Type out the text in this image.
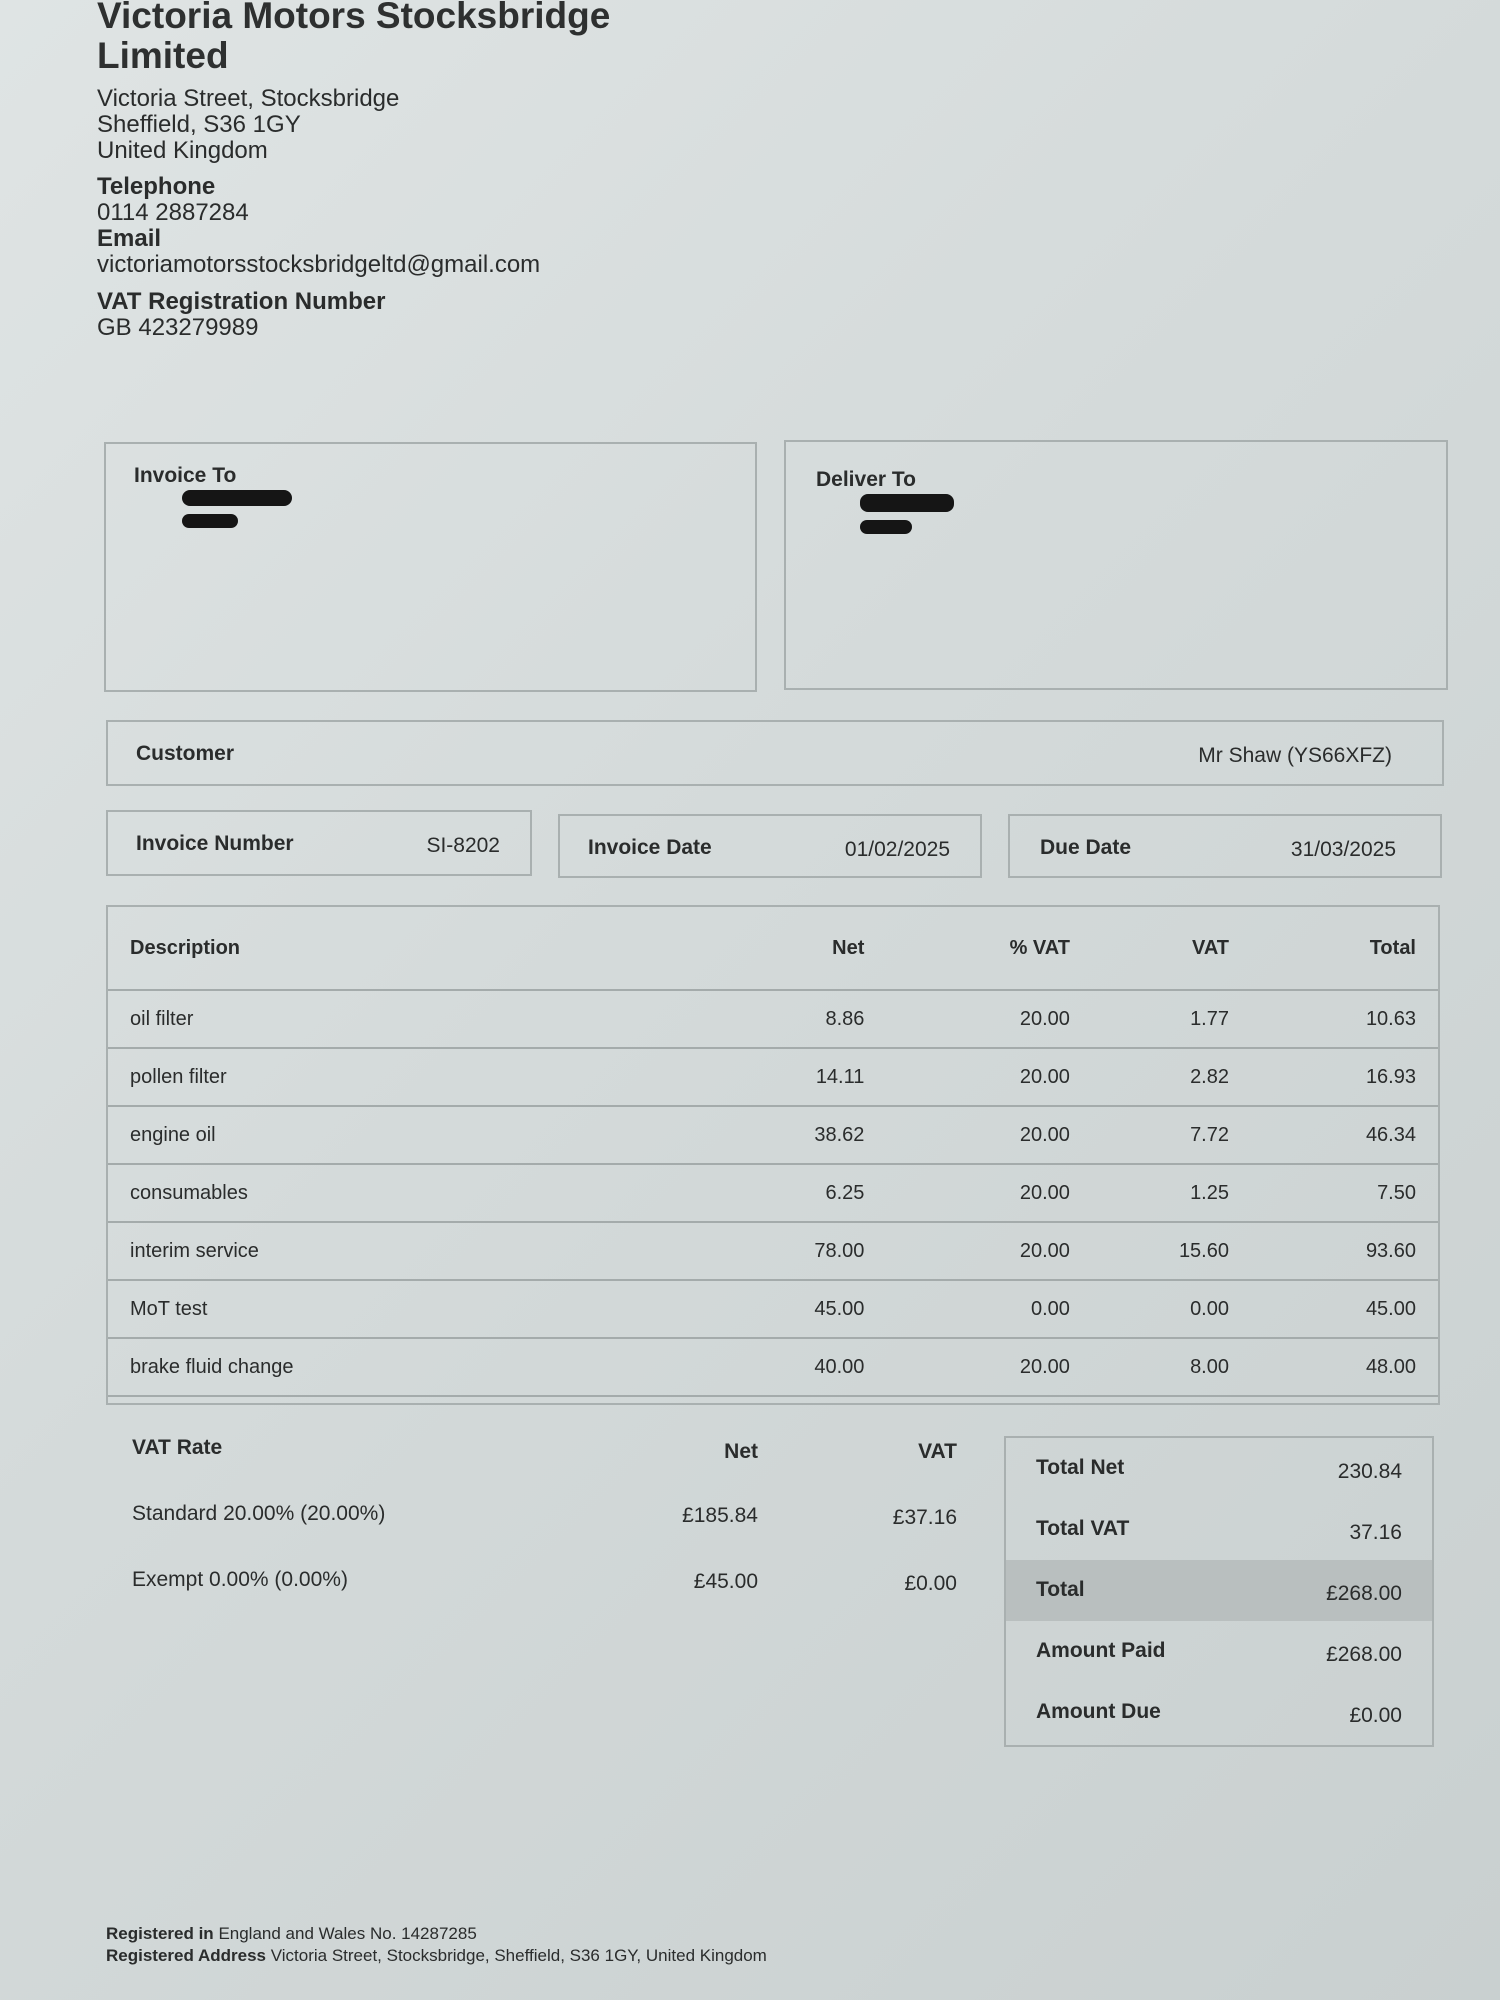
Victoria Motors Stocksbridge
Limited
Victoria Street, Stocksbridge
Sheffield, S36 1GY
United Kingdom
Telephone
0114 2887284
Email
victoriamotorsstocksbridgeltd@gmail.com
VAT Registration Number
GB 423279989
Invoice To	Deliver To
Customer	Mr Shaw (YS66XFZ)
Invoice Number	SI-8202	Invoice Date	01/02/2025	Due Date	31/03/2025
Description	Net	% VAT	VAT	Total
oil filter	8.86	20.00	1.77	10.63
pollen filter	14.11	20.00	2.82	16.93
engine oil	38.62	20.00	7.72	46.34
consumables	6.25	20.00	1.25	7.50
interim service	78.00	20.00	15.60	93.60
MoT test	45.00	0.00	0.00	45.00
brake fluid change	40.00	20.00	8.00	48.00
VAT Rate	Net	VAT
Standard 20.00% (20.00%)	£185.84	£37.16
Exempt 0.00% (0.00%)	£45.00	£0.00
Total Net	230.84
Total VAT	37.16
Total	£268.00
Amount Paid	£268.00
Amount Due	£0.00
Registered in England and Wales No. 14287285
Registered Address Victoria Street, Stocksbridge, Sheffield, S36 1GY, United Kingdom
